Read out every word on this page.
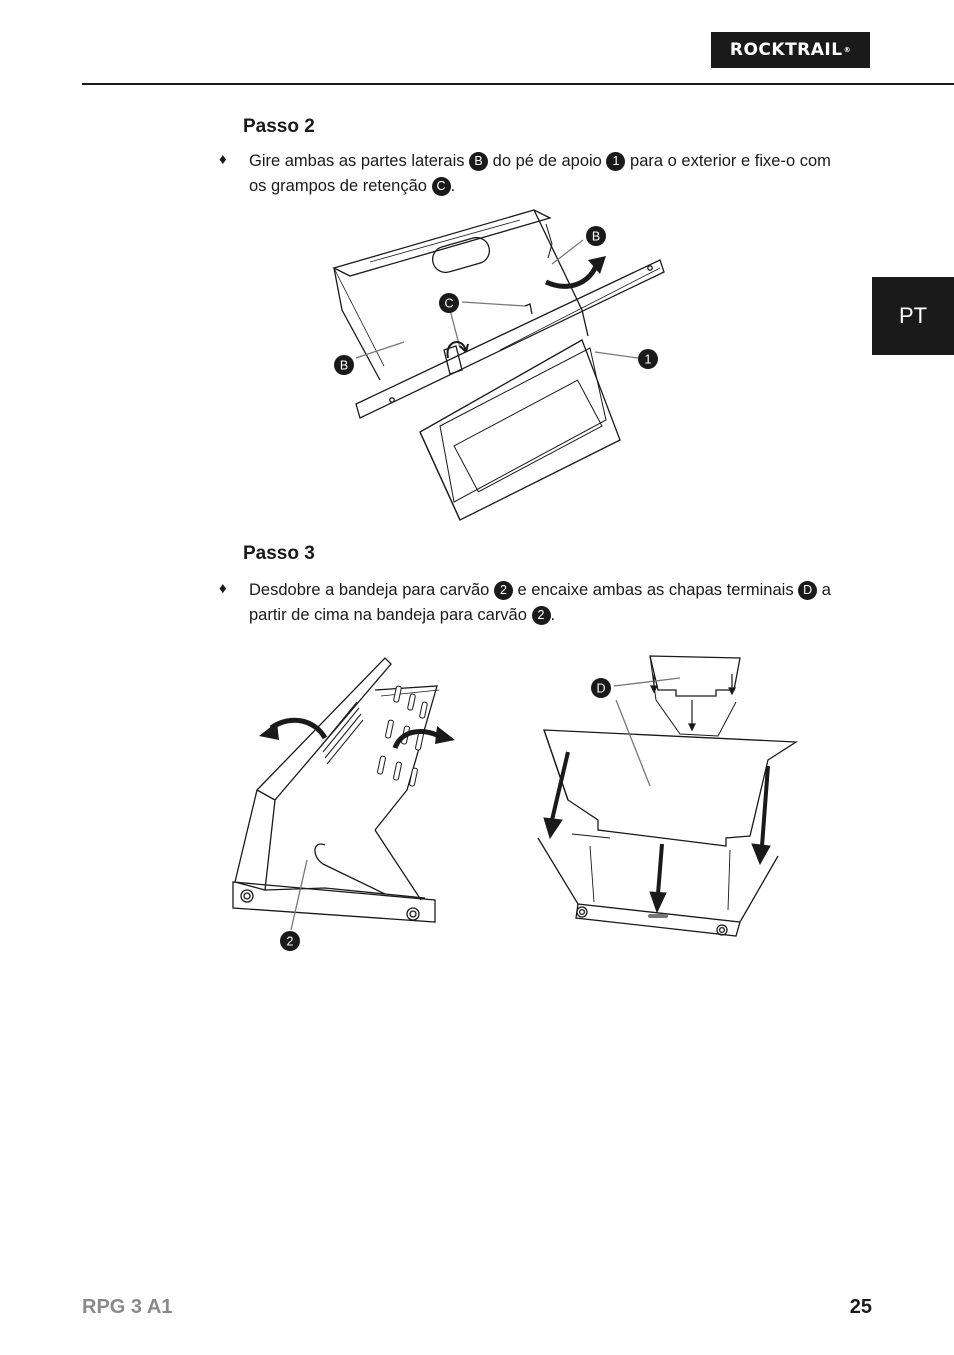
ROCKTRAIL ®
PT
Passo 2
♦ Gire ambas as partes laterais B do pé de apoio 1 para o exterior e fixe-o com os grampos de retenção C .
B
C
B	1
Passo 3
♦ Desdobre a bandeja para carvão 2 e encaixe ambas as chapas terminais D a partir de cima na bandeja para carvão 2 .
2
D
RPG 3 A1	25
